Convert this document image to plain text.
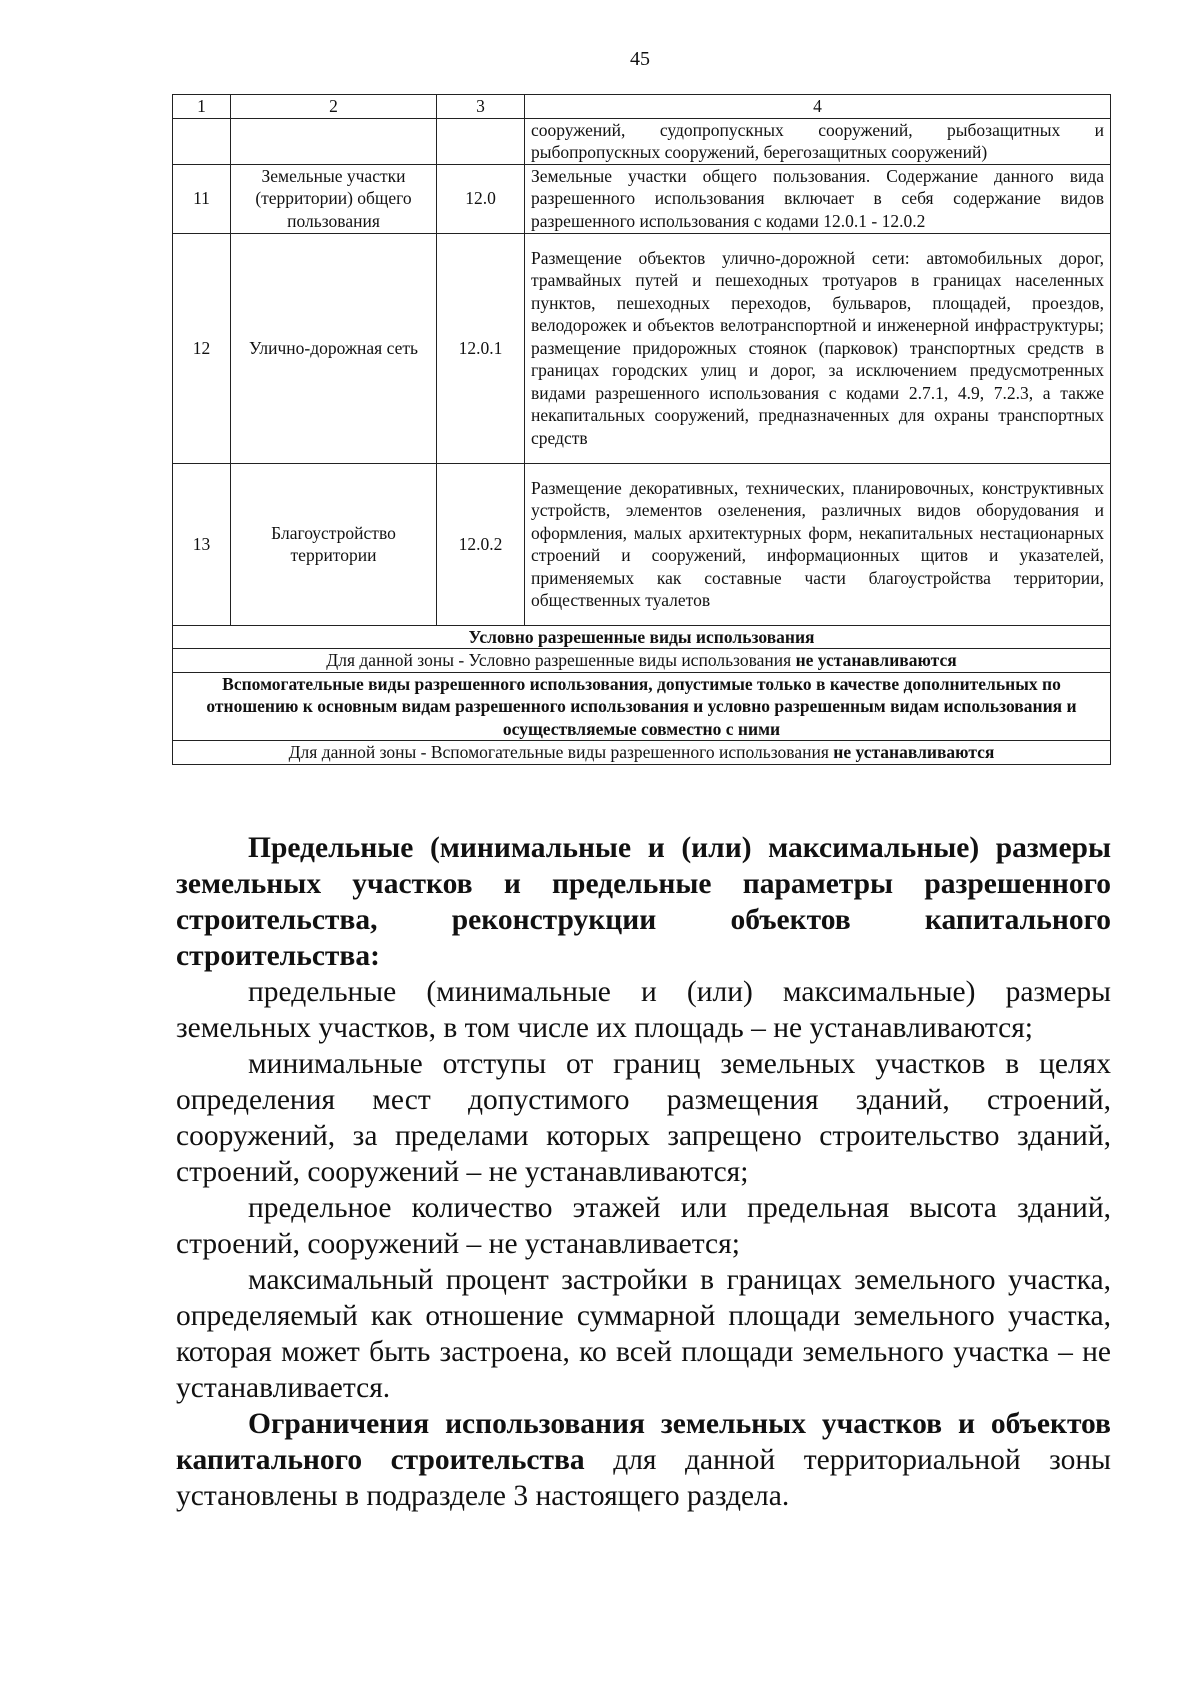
45
1	2	3	4

			сооружений, судопропускных сооружений, рыбозащитных и рыбопропускных сооружений, берегозащитных сооружений)

11	Земельные участки (территории) общего пользования	12.0	Земельные участки общего пользования. Содержание данного вида разрешенного использования включает в себя содержание видов разрешенного использования с кодами 12.0.1 - 12.0.2

12	Улично-дорожная сеть	12.0.1	Размещение объектов улично-дорожной сети: автомобильных дорог, трамвайных путей и пешеходных тротуаров в границах населенных пунктов, пешеходных переходов, бульваров, площадей, проездов, велодорожек и объектов велотранспортной и инженерной инфраструктуры; размещение придорожных стоянок (парковок) транспортных средств в границах городских улиц и дорог, за исключением предусмотренных видами разрешенного использования с кодами 2.7.1, 4.9, 7.2.3, а также некапитальных сооружений, предназначенных для охраны транспортных средств

13	Благоустройство территории	12.0.2	Размещение декоративных, технических, планировочных, конструктивных устройств, элементов озеленения, различных видов оборудования и оформления, малых архитектурных форм, некапитальных нестационарных строений и сооружений, информационных щитов и указателей, применяемых как составные части благоустройства территории, общественных туалетов

Условно разрешенные виды использования			
Для данной зоны - Условно разрешенные виды использования не устанавливаются			
Вспомогательные виды разрешенного использования, допустимые только в качестве дополнительных по отношению к основным видам разрешенного использования и условно разрешенным видам использования и осуществляемые совместно с ними			
Для данной зоны - Вспомогательные виды разрешенного использования не устанавливаются			

Предельные (минимальные и (или) максимальные) размеры земельных участков и предельные параметры разрешенного строительства, реконструкции объектов капитального строительства:

предельные (минимальные и (или) максимальные) размеры земельных участков, в том числе их площадь – не устанавливаются;

минимальные отступы от границ земельных участков в целях определения мест допустимого размещения зданий, строений, сооружений, за пределами которых запрещено строительство зданий, строений, сооружений – не устанавливаются;

предельное количество этажей или предельная высота зданий, строений, сооружений – не устанавливается;

максимальный процент застройки в границах земельного участка, определяемый как отношение суммарной площади земельного участка, которая может быть застроена, ко всей площади земельного участка – не устанавливается.

Ограничения использования земельных участков и объектов капитального строительства для данной территориальной зоны установлены в подразделе 3 настоящего раздела.
